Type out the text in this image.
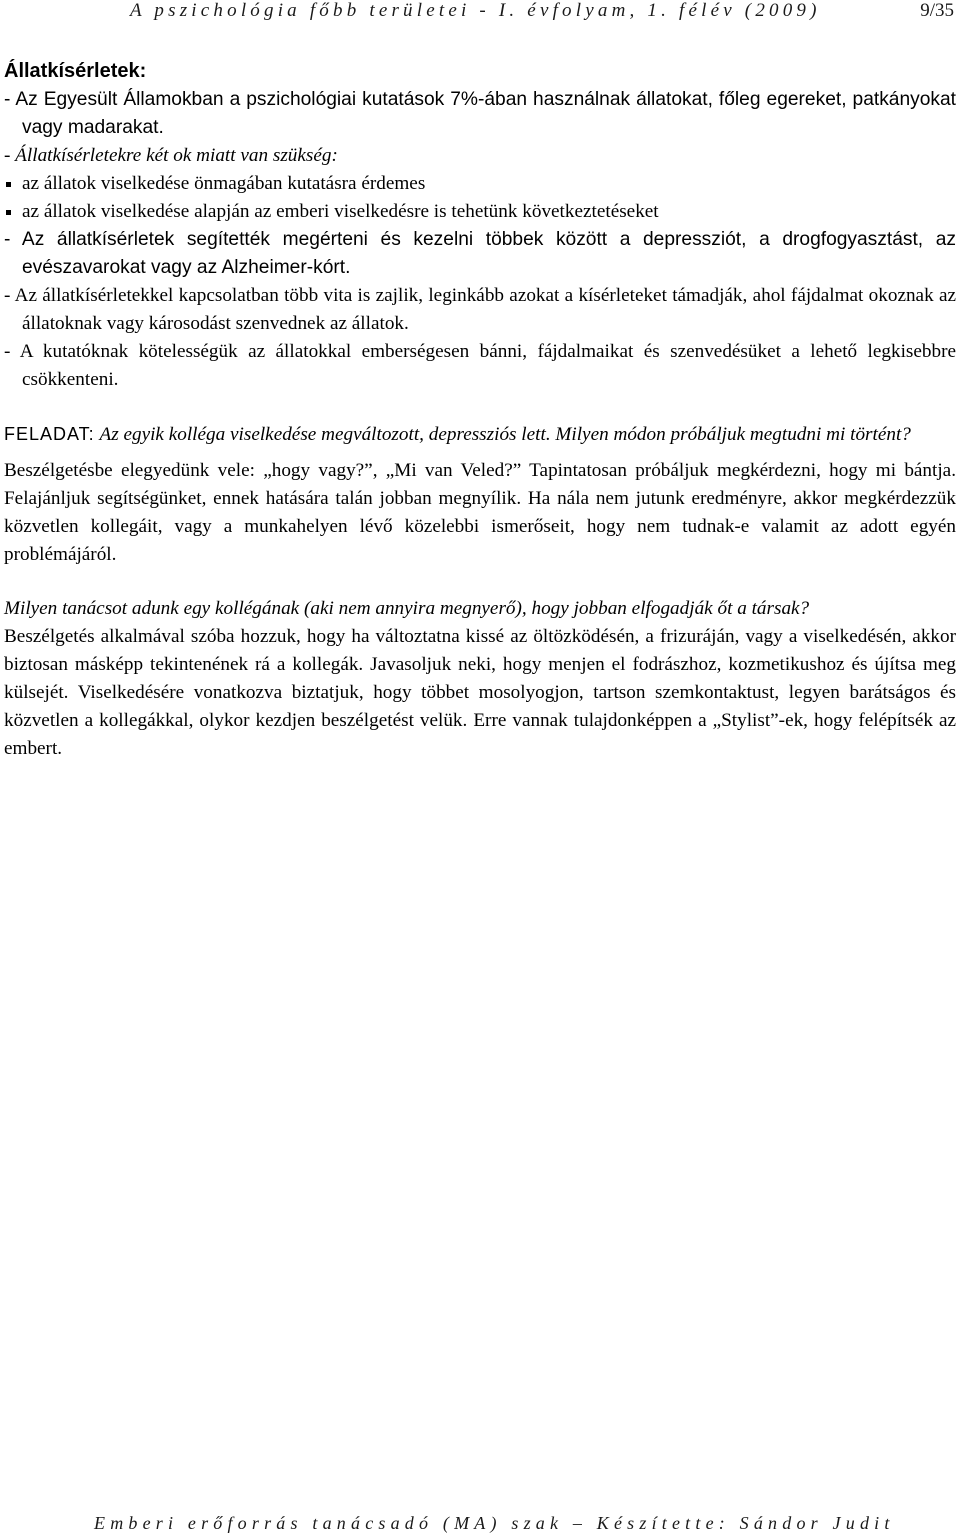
A pszichológia főbb területei - I. évfolyam, 1. félév (2009)	9/35
Állatkísérletek:

- Az Egyesült Államokban a pszichológiai kutatások 7%-ában használnak állatokat, főleg egereket, patkányokat vagy madarakat.

- Állatkísérletekre két ok miatt van szükség:

az állatok viselkedése önmagában kutatásra érdemes
az állatok viselkedése alapján az emberi viselkedésre is tehetünk következtetéseket

- Az állatkísérletek segítették megérteni és kezelni többek között a depressziót, a drogfogyasztást, az evészavarokat vagy az Alzheimer-kórt.

- Az állatkísérletekkel kapcsolatban több vita is zajlik, leginkább azokat a kísérleteket támadják, ahol fájdalmat okoznak az állatoknak vagy károsodást szenvednek az állatok.

- A kutatóknak kötelességük az állatokkal emberségesen bánni, fájdalmaikat és szenvedésüket a lehető legkisebbre csökkenteni.

FELADAT: Az egyik kolléga viselkedése megváltozott, depressziós lett. Milyen módon próbáljuk megtudni mi történt?

Beszélgetésbe elegyedünk vele: „hogy vagy?”, „Mi van Veled?” Tapintatosan próbáljuk megkérdezni, hogy mi bántja. Felajánljuk segítségünket, ennek hatására talán jobban megnyílik. Ha nála nem jutunk eredményre, akkor megkérdezzük közvetlen kollegáit, vagy a munkahelyen lévő közelebbi ismerőseit, hogy nem tudnak-e valamit az adott egyén problémájáról.

Milyen tanácsot adunk egy kollégának (aki nem annyira megnyerő), hogy jobban elfogadják őt a társak?

Beszélgetés alkalmával szóba hozzuk, hogy ha változtatna kissé az öltözködésén, a frizuráján, vagy a viselkedésén, akkor biztosan másképp tekintenének rá a kollegák. Javasoljuk neki, hogy menjen el fodrászhoz, kozmetikushoz és újítsa meg külsejét. Viselkedésére vonatkozva biztatjuk, hogy többet mosolyogjon, tartson szemkontaktust, legyen barátságos és közvetlen a kollegákkal, olykor kezdjen beszélgetést velük. Erre vannak tulajdonképpen a „Stylist”-ek, hogy felépítsék az embert.

Emberi erőforrás tanácsadó (MA) szak – Készítette: Sándor Judit
